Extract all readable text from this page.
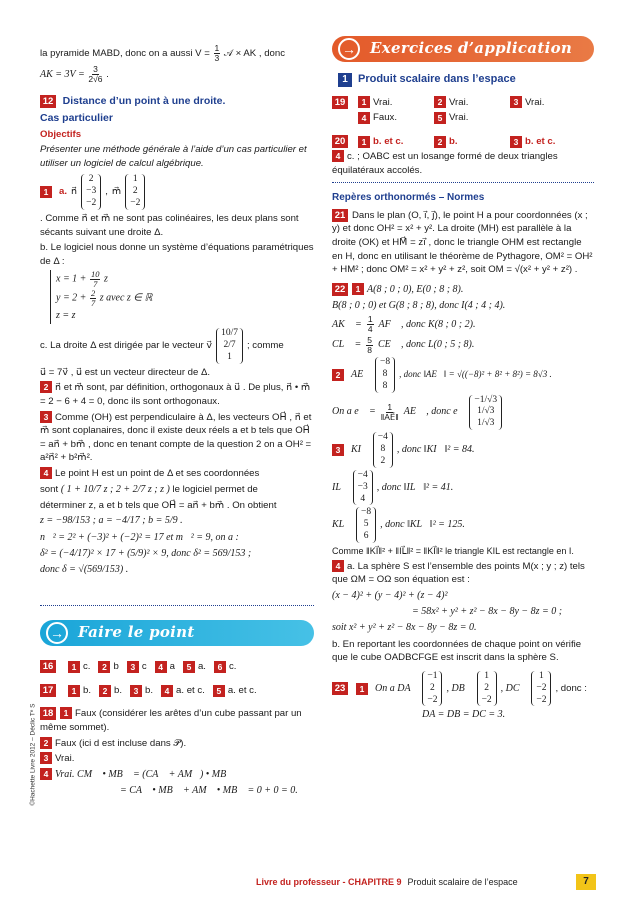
©Hachette Livre 2012 – Déclic Tᵉ S
la pyramide MABD, donc on a aussi $V = \frac{1}{3}$ 𝒜 × AK , donc
AK = $3V = \frac{3}{2√6}$ .
12 Distance d’un point à une droite.
Cas particulier
Objectifs

Présenter une méthode générale à l’aide d’un cas particulier et utiliser un logiciel de calcul algébrique.

1	a. n⃗
2
−3
−2
, m⃗
1
2
−2

. Comme n⃗ et m⃗ ne sont pas colinéaires, les deux plans sont sécants suivant une droite Δ.

b. Le logiciel nous donne un système d’équations paramétriques de Δ :

$x = 1 + \frac{10}{7}$ z
$y = 2 + \frac{2}{7}$ z avec z ∈ ℝ
z = z
c. La droite Δ est dirigée par le vecteur v⃗
10/7
2/7
1
; comme

u⃗ = 7v⃗ , u⃗ est un vecteur directeur de Δ.

2 n⃗ et m⃗ sont, par définition, orthogonaux à u⃗ . De plus, n⃗ • m⃗ = 2 − 6 + 4 = 0, donc ils sont orthogonaux.

3 Comme (OH) est perpendiculaire à Δ, les vecteurs OH⃗ , n⃗ et m⃗ sont coplanaires, donc il existe deux réels a et b tels que OH⃗ = an⃗ + bm⃗ , donc en tenant compte de la question 2 on a OH² = a²n⃗² + b²m⃗².

4 Le point H est un point de Δ et ses coordonnées

sont ( 1 + 10/7 z ; 2 + 2/7 z ; z ) le logiciel permet de

déterminer z, a et b tels que OH⃗ = an⃗ + bm⃗ . On obtient

z = −98/153 ; a = −4/17 ; b = 5/9 .

n⃗² = 2² + (−3)² + (−2)² = 17 et m⃗² = 9, on a :

δ² = (−4/17)² × 17 + (5/9)² × 9, donc δ² = 569/153 ;

donc δ = √(569/153) .

→ Faire le point
16	1 c.	2 b	3 c	4 a	5 a.	6 c.
17	1 b.	2 b.	3 b.	4 a. et c.	5 a. et c.

18 1 Faux (considérer les arêtes d’un cube passant par un même sommet).

2 Faux (ici d est incluse dans 𝒫).

3 Vrai.

4 Vrai. CM⃗ • MB⃗ = (CA⃗ + AM⃗) • MB⃗

= CA⃗ • MB⃗ + AM⃗ • MB⃗ = 0 + 0 = 0.

→ Exercices d’application
1 Produit scalaire dans l’espace
19	1 Vrai.	2 Vrai.	3 Vrai.
4 Faux.	5 Vrai.
20	1 b. et c.	2 b.	3 b. et c.

4 c. ; OABC est un losange formé de deux triangles équilatéraux accolés.

Repères orthonormés – Normes

21 Dans le plan (O, i⃗, j⃗), le point H a pour coordonnées (x ; y) et donc OH² = x² + y². La droite (MH) est parallèle à la droite (OK) et HM⃗ = zi⃗ , donc le triangle OHM est rectangle en H, donc en utilisant le théorème de Pythagore, OM² = OH² + HM² ; donc OM² = x² + y² + z², soit OM = √(x² + y² + z²) .

22 1 A(8 ; 0 ; 0), E(0 ; 8 ; 8).

B(8 ; 0 ; 0) et G(8 ; 8 ; 8), donc I(4 ; 4 ; 4).

AK⃗ = $\frac{1}{4}$ AF⃗ , donc K(8 ; 0 ; 2).
CL⃗ = $\frac{5}{8}$ CE⃗ , donc L(0 ; 5 ; 8).
2	AE⃗
−8
8
8
, donc ‖AE⃗‖ = √((−8)² + 8² + 8²) = 8√3 .
On a e⃗ = $\frac{1}{‖AE⃗‖}$ AE⃗ , donc e⃗
−1/√3
1/√3
1/√3
3	KI⃗
−4
8
2
, donc ‖KI⃗‖² = 84.
IL⃗
−4
−3
4
, donc ‖IL⃗‖² = 41.
KL⃗
−8
5
6
, donc ‖KL⃗‖² = 125.

Comme ‖KI⃗‖² + ‖IL⃗‖² = ‖KI⃗‖² le triangle KIL est rectangle en I.

4 a. La sphère S est l’ensemble des points M(x ; y ; z) tels que ΩM = OΩ son équation est :

(x − 4)² + (y − 4)² + (z − 4)²

= 58x² + y² + z² − 8x − 8y − 8z = 0 ;

soit x² + y² + z² − 8x − 8y − 8z = 0.

b. En reportant les coordonnées de chaque point on vérifie que le cube OADBCFGE est inscrit dans la sphère S.

23	1	On a DA⃗
−1
2
−2
, DB⃗
1
2
−2
, DC⃗
1
−2
−2
, donc :

DA = DB = DC = 3.

Livre du professeur - CHAPITRE 9 Produit scalaire de l’espace	7
